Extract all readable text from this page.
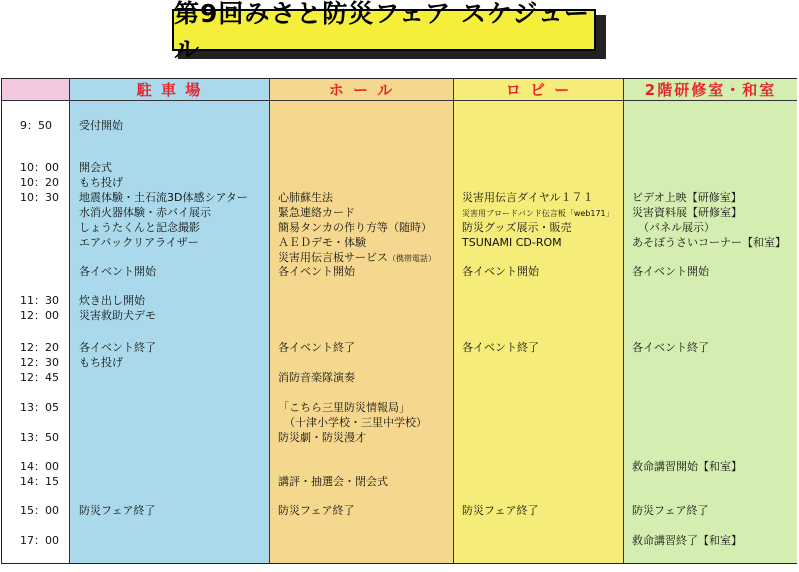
第9回みさと防災フェア スケジュール
9：50
10：00
10：20
10：30
11：30
12：00
12：20
12：30
12：45
13：05
13：50
14：00
14：15
15：00
17：00
駐 車 場
受付開始
開会式
もち投げ
地震体験・土石流3D体感シアター
水消火器体験・赤バイ展示
しょうたくんと記念撮影
エアバックリアライザー
各イベント開始
炊き出し開始
災害救助犬デモ
各イベント終了
もち投げ
防災フェア終了
ホ ー ル
心肺蘇生法
緊急連絡カード
簡易タンカの作り方等（随時）
ＡＥＤデモ・体験
災害用伝言板サービス（携帯電話）
各イベント開始
各イベント終了
消防音楽隊演奏
「こちら三里防災情報局」
（十津小学校・三里中学校）
防災劇・防災漫才
講評・抽選会・閉会式
防災フェア終了
ロ ビ ー
災害用伝言ダイヤル１７１
災害用ブロードバンド伝言板「web171」
防災グッズ展示・販売
TSUNAMI CD-ROM
各イベント開始
各イベント終了
防災フェア終了
2階研修室・和室
ビデオ上映【研修室】
災害資料展【研修室】
（パネル展示）
あそぼうさいコーナー【和室】
各イベント開始
各イベント終了
救命講習開始【和室】
防災フェア終了
救命講習終了【和室】
